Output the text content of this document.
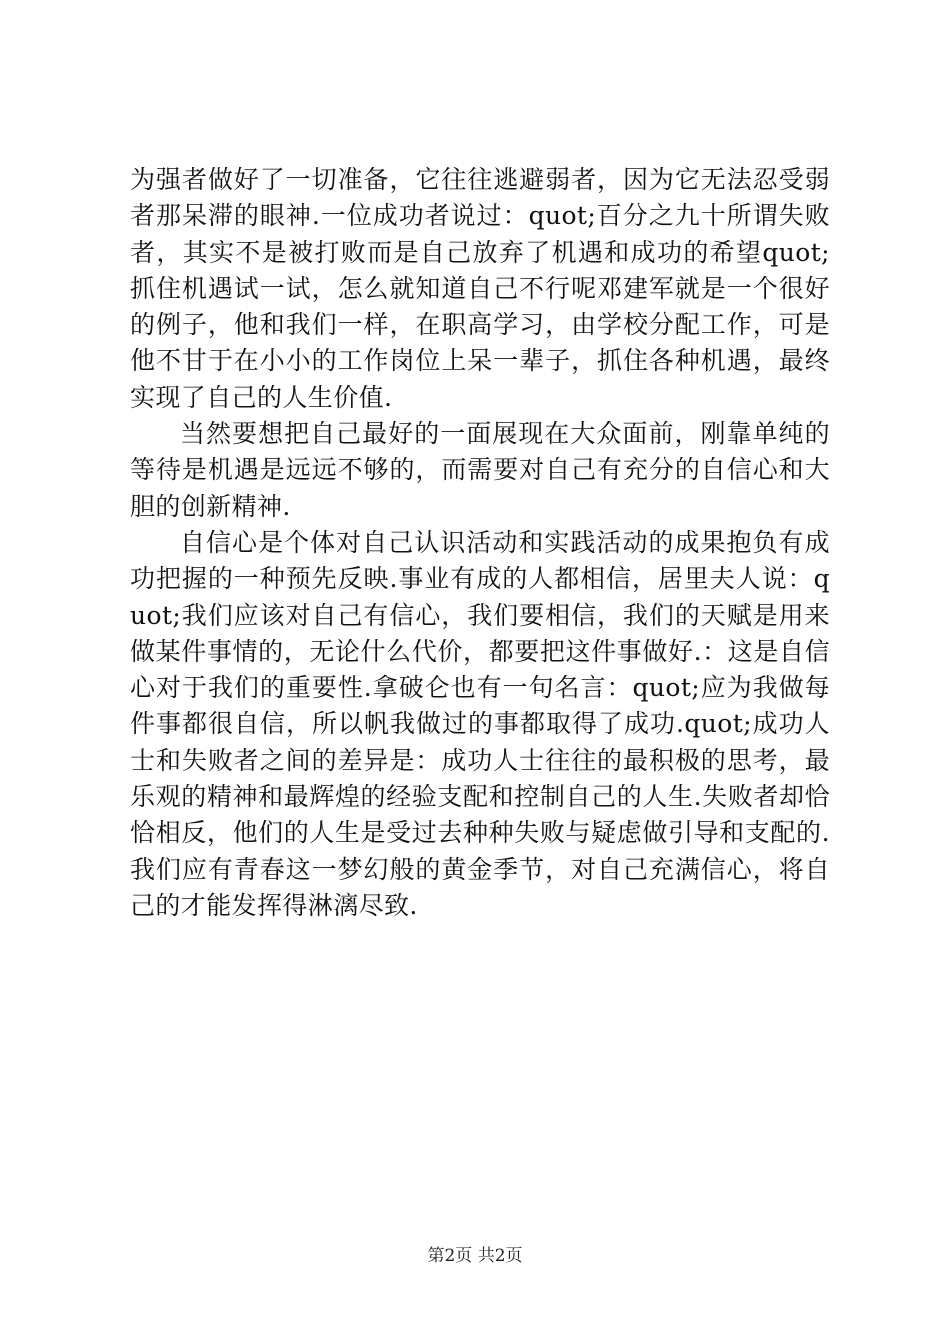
为强者做好了一切准备，它往往逃避弱者，因为它无法忍受弱者那呆滞的眼神.一位成功者说过：quot;百分之九十所谓失败者，其实不是被打败而是自己放弃了机遇和成功的希望quot;抓住机遇试一试，怎么就知道自己不行呢邓建军就是一个很好的例子，他和我们一样，在职高学习，由学校分配工作，可是他不甘于在小小的工作岗位上呆一辈子，抓住各种机遇，最终实现了自己的人生价值.

当然要想把自己最好的一面展现在大众面前，刚靠单纯的等待是机遇是远远不够的，而需要对自己有充分的自信心和大胆的创新精神.

自信心是个体对自己认识活动和实践活动的成果抱负有成功把握的一种预先反映.事业有成的人都相信，居里夫人说：quot;我们应该对自己有信心，我们要相信，我们的天赋是用来做某件事情的，无论什么代价，都要把这件事做好.：这是自信心对于我们的重要性.拿破仑也有一句名言：quot;应为我做每件事都很自信，所以帆我做过的事都取得了成功.quot;成功人士和失败者之间的差异是：成功人士往往的最积极的思考，最乐观的精神和最辉煌的经验支配和控制自己的人生.失败者却恰恰相反，他们的人生是受过去种种失败与疑虑做引导和支配的.我们应有青春这一梦幻般的黄金季节，对自己充满信心，将自己的才能发挥得淋漓尽致.

第2页 共2页
